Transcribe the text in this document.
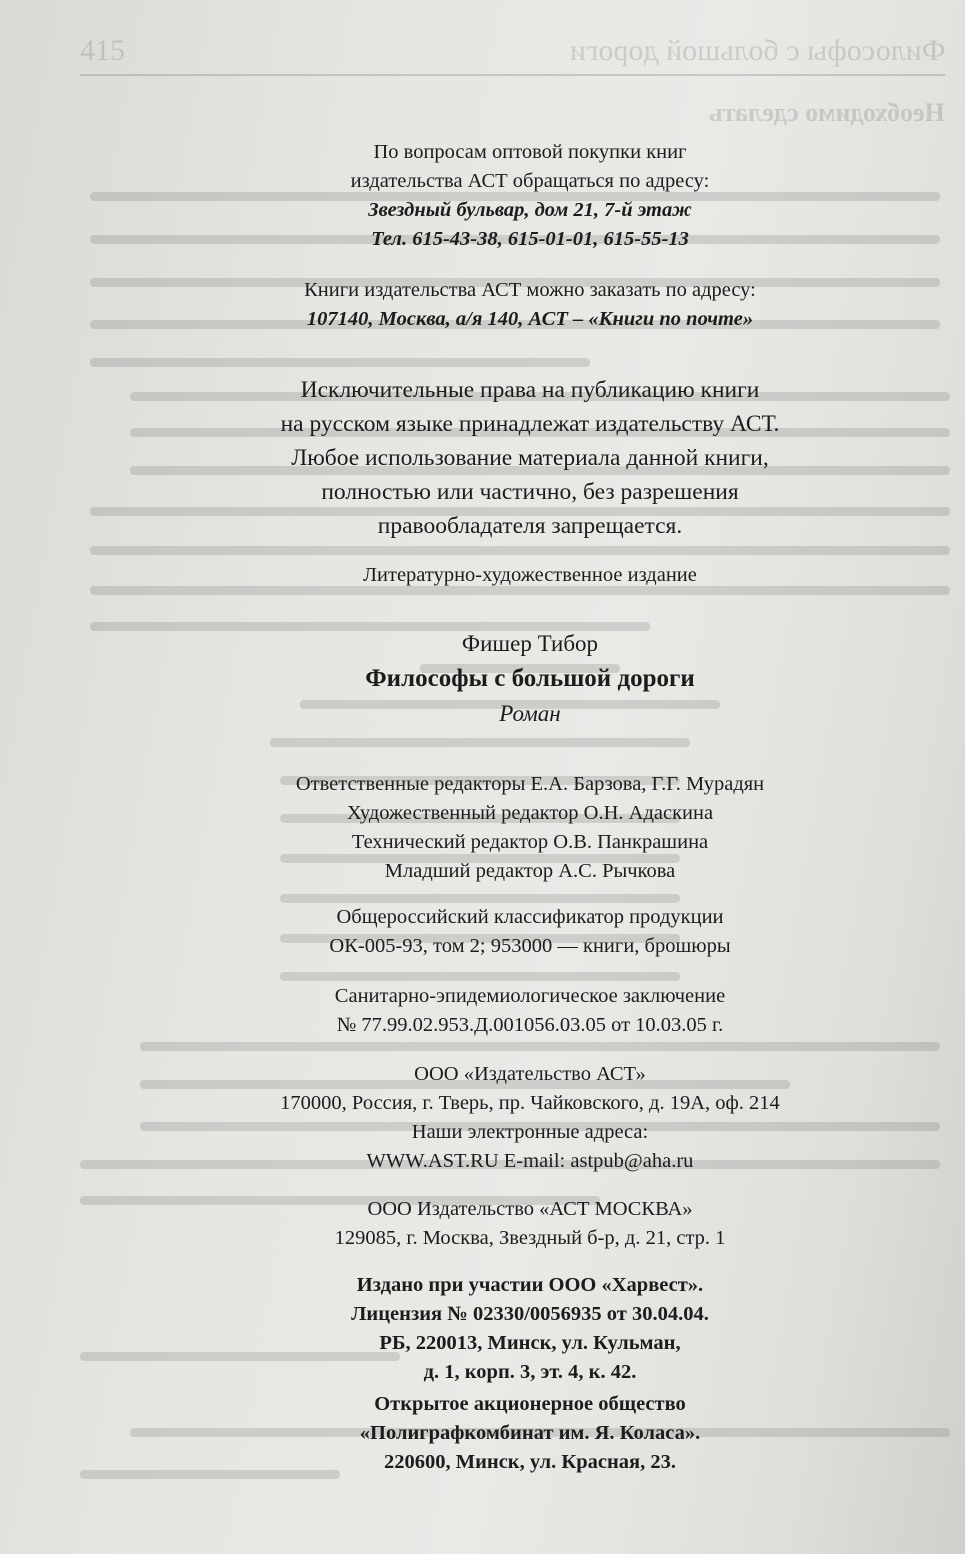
415	Философы с большой дороги
Необходимо сделать
По вопросам оптовой покупки книг
издательства АСТ обращаться по адресу:
Звездный бульвар, дом 21, 7-й этаж
Тел. 615-43-38, 615-01-01, 615-55-13
Книги издательства АСТ можно заказать по адресу:
107140, Москва, а/я 140, АСТ – «Книги по почте»
Исключительные права на публикацию книги
на русском языке принадлежат издательству АСТ.
Любое использование материала данной книги,
полностью или частично, без разрешения
правообладателя запрещается.
Литературно-художественное издание
Фишер Тибор
Философы с большой дороги
Роман
Ответственные редакторы Е.А. Барзова, Г.Г. Мурадян
Художественный редактор О.Н. Адаскина
Технический редактор О.В. Панкрашина
Младший редактор А.С. Рычкова
Общероссийский классификатор продукции
ОК-005-93, том 2; 953000 — книги, брошюры
Санитарно-эпидемиологическое заключение
№ 77.99.02.953.Д.001056.03.05 от 10.03.05 г.
ООО «Издательство АСТ»
170000, Россия, г. Тверь, пр. Чайковского, д. 19А, оф. 214
Наши электронные адреса:
WWW.AST.RU E-mail: astpub@aha.ru
ООО Издательство «АСТ МОСКВА»
129085, г. Москва, Звездный б-р, д. 21, стр. 1
Издано при участии ООО «Харвест».
Лицензия № 02330/0056935 от 30.04.04.
РБ, 220013, Минск, ул. Кульман,
д. 1, корп. 3, эт. 4, к. 42.
Открытое акционерное общество
«Полиграфкомбинат им. Я. Коласа».
220600, Минск, ул. Красная, 23.
